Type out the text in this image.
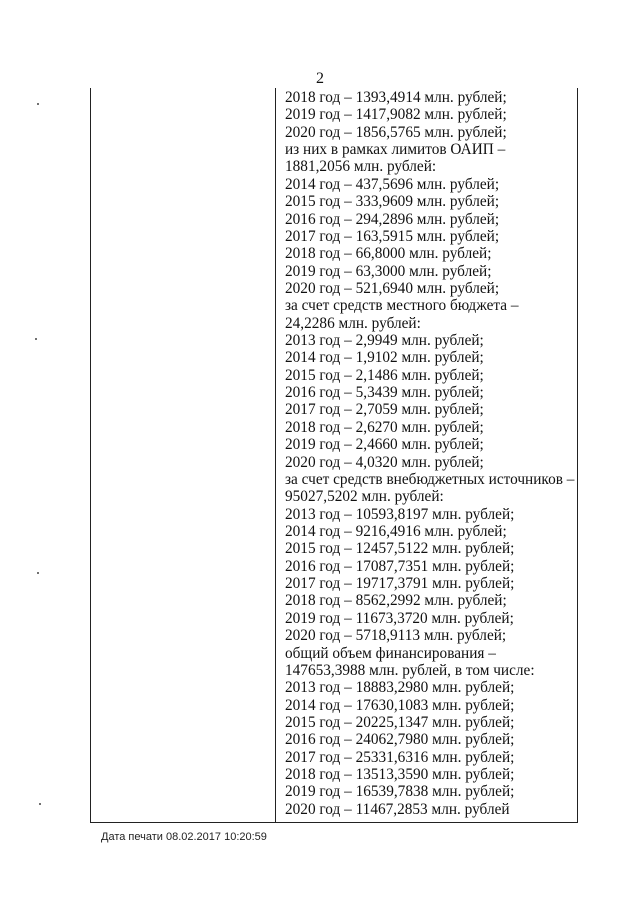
2
2018 год – 1393,4914 млн. рублей;
2019 год – 1417,9082 млн. рублей;
2020 год – 1856,5765 млн. рублей;
из них в рамках лимитов ОАИП –
1881,2056 млн. рублей:
2014 год – 437,5696 млн. рублей;
2015 год – 333,9609 млн. рублей;
2016 год – 294,2896 млн. рублей;
2017 год – 163,5915 млн. рублей;
2018 год – 66,8000 млн. рублей;
2019 год – 63,3000 млн. рублей;
2020 год – 521,6940 млн. рублей;
за счет средств местного бюджета –
24,2286 млн. рублей:
2013 год – 2,9949 млн. рублей;
2014 год – 1,9102 млн. рублей;
2015 год – 2,1486 млн. рублей;
2016 год – 5,3439 млн. рублей;
2017 год – 2,7059 млн. рублей;
2018 год – 2,6270 млн. рублей;
2019 год – 2,4660 млн. рублей;
2020 год – 4,0320 млн. рублей;
за счет средств внебюджетных источников –
95027,5202 млн. рублей:
2013 год – 10593,8197 млн. рублей;
2014 год – 9216,4916 млн. рублей;
2015 год – 12457,5122 млн. рублей;
2016 год – 17087,7351 млн. рублей;
2017 год – 19717,3791 млн. рублей;
2018 год – 8562,2992 млн. рублей;
2019 год – 11673,3720 млн. рублей;
2020 год – 5718,9113 млн. рублей;
общий объем финансирования –
147653,3988 млн. рублей, в том числе:
2013 год – 18883,2980 млн. рублей;
2014 год – 17630,1083 млн. рублей;
2015 год – 20225,1347 млн. рублей;
2016 год – 24062,7980 млн. рублей;
2017 год – 25331,6316 млн. рублей;
2018 год – 13513,3590 млн. рублей;
2019 год – 16539,7838 млн. рублей;
2020 год – 11467,2853 млн. рублей
Дата печати 08.02.2017 10:20:59
